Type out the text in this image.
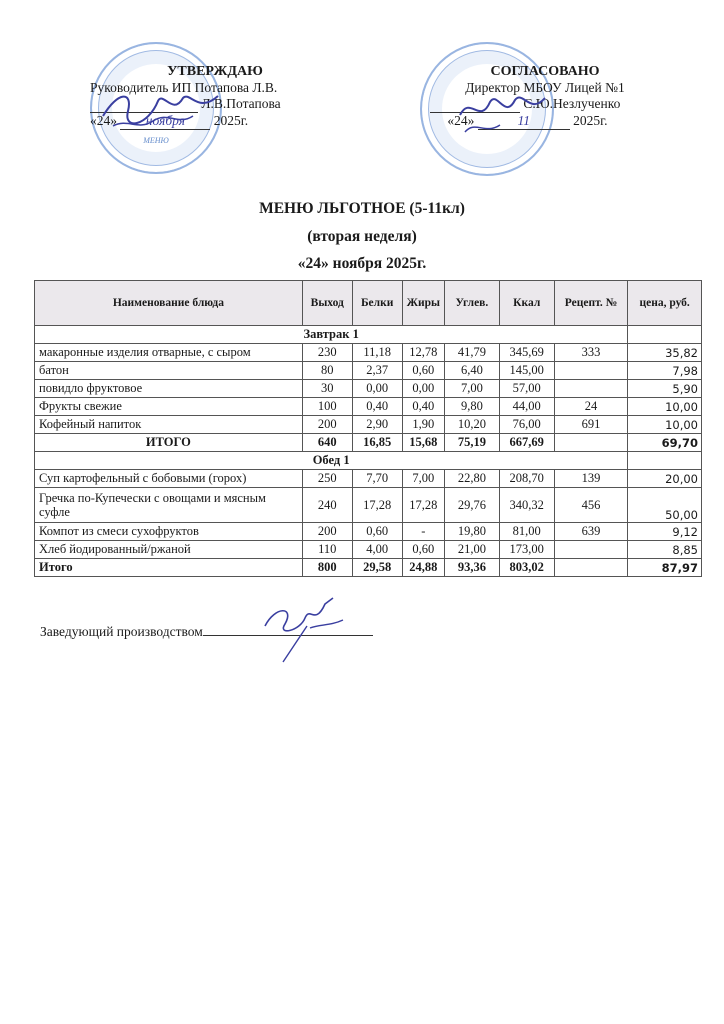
МЕНЮ
УТВЕРЖДАЮ
Руководитель ИП Потапова Л.В.
Л.В.Потапова
«24» ноября 2025г.
СОГЛАСОВАНО
Директор МБОУ Лицей №1
С.Ю.Незлученко
«24»	11	2025г.
МЕНЮ ЛЬГОТНОЕ (5-11кл)
(вторая неделя)
«24» ноября 2025г.
Наименование блюда	Выход	Белки	Жиры	Углев.	Ккал	Рецепт. №	цена, руб.
Завтрак 1							
макаронные изделия отварные, с сыром	230	11,18	12,78	41,79	345,69	333	35,82
батон	80	2,37	0,60	6,40	145,00		7,98
повидло фруктовое	30	0,00	0,00	7,00	57,00		5,90
Фрукты свежие	100	0,40	0,40	9,80	44,00	24	10,00
Кофейный напиток	200	2,90	1,90	10,20	76,00	691	10,00
ИТОГО	640	16,85	15,68	75,19	667,69		69,70
Обед 1							
Суп картофельный с бобовыми (горох)	250	7,70	7,00	22,80	208,70	139	20,00
Гречка по-Купечески с овощами и мясным суфле	240	17,28	17,28	29,76	340,32	456	50,00
Компот из смеси сухофруктов	200	0,60	-	19,80	81,00	639	9,12
Хлеб йодированный/ржаной	110	4,00	0,60	21,00	173,00		8,85
Итого	800	29,58	24,88	93,36	803,02		87,97
Заведующий производством
